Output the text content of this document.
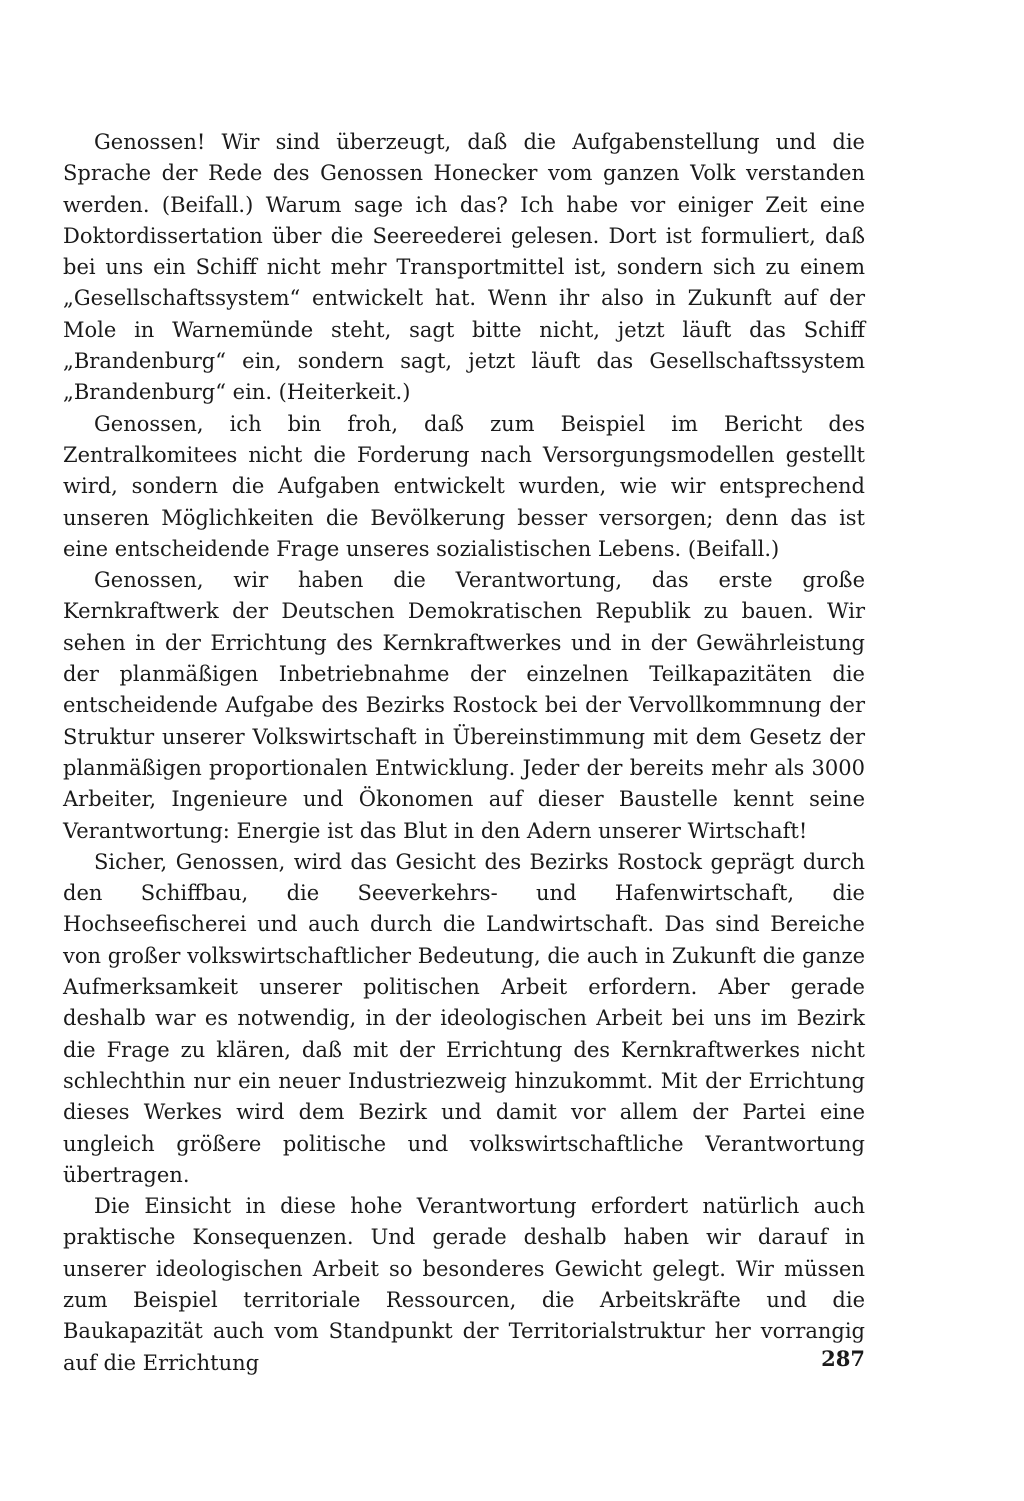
Genossen! Wir sind überzeugt, daß die Aufgabenstellung und die Sprache der Rede des Genossen Honecker vom ganzen Volk verstanden werden. (Beifall.) Warum sage ich das? Ich habe vor einiger Zeit eine Doktordissertation über die Seereederei gelesen. Dort ist formuliert, daß bei uns ein Schiff nicht mehr Transportmittel ist, sondern sich zu einem „Gesellschaftssystem“ entwickelt hat. Wenn ihr also in Zukunft auf der Mole in Warnemünde steht, sagt bitte nicht, jetzt läuft das Schiff „Brandenburg“ ein, sondern sagt, jetzt läuft das Gesellschaftssystem „Brandenburg“ ein. (Heiterkeit.)

Genossen, ich bin froh, daß zum Beispiel im Bericht des Zentralkomitees nicht die Forderung nach Versorgungsmodellen gestellt wird, sondern die Aufgaben entwickelt wurden, wie wir entsprechend unseren Möglichkeiten die Bevölkerung besser versorgen; denn das ist eine entscheidende Frage unseres sozialistischen Lebens. (Beifall.)

Genossen, wir haben die Verantwortung, das erste große Kernkraftwerk der Deutschen Demokratischen Republik zu bauen. Wir sehen in der Errichtung des Kernkraftwerkes und in der Gewährleistung der planmäßigen Inbetriebnahme der einzelnen Teilkapazitäten die entscheidende Aufgabe des Bezirks Rostock bei der Vervollkommnung der Struktur unserer Volkswirtschaft in Übereinstimmung mit dem Gesetz der planmäßigen proportionalen Entwicklung. Jeder der bereits mehr als 3000 Arbeiter, Ingenieure und Ökonomen auf dieser Baustelle kennt seine Verantwortung: Energie ist das Blut in den Adern unserer Wirtschaft!

Sicher, Genossen, wird das Gesicht des Bezirks Rostock geprägt durch den Schiffbau, die Seeverkehrs- und Hafenwirtschaft, die Hochseefischerei und auch durch die Landwirtschaft. Das sind Bereiche von großer volkswirtschaftlicher Bedeutung, die auch in Zukunft die ganze Aufmerksamkeit unserer politischen Arbeit erfordern. Aber gerade deshalb war es notwendig, in der ideologischen Arbeit bei uns im Bezirk die Frage zu klären, daß mit der Errichtung des Kernkraftwerkes nicht schlechthin nur ein neuer Industriezweig hinzukommt. Mit der Errichtung dieses Werkes wird dem Bezirk und damit vor allem der Partei eine ungleich größere politische und volkswirtschaftliche Verantwortung übertragen.

Die Einsicht in diese hohe Verantwortung erfordert natürlich auch praktische Konsequenzen. Und gerade deshalb haben wir darauf in unserer ideologischen Arbeit so besonderes Gewicht gelegt. Wir müssen zum Beispiel territoriale Ressourcen, die Arbeitskräfte und die Baukapazität auch vom Standpunkt der Territorialstruktur her vorrangig auf die Errichtung	287
